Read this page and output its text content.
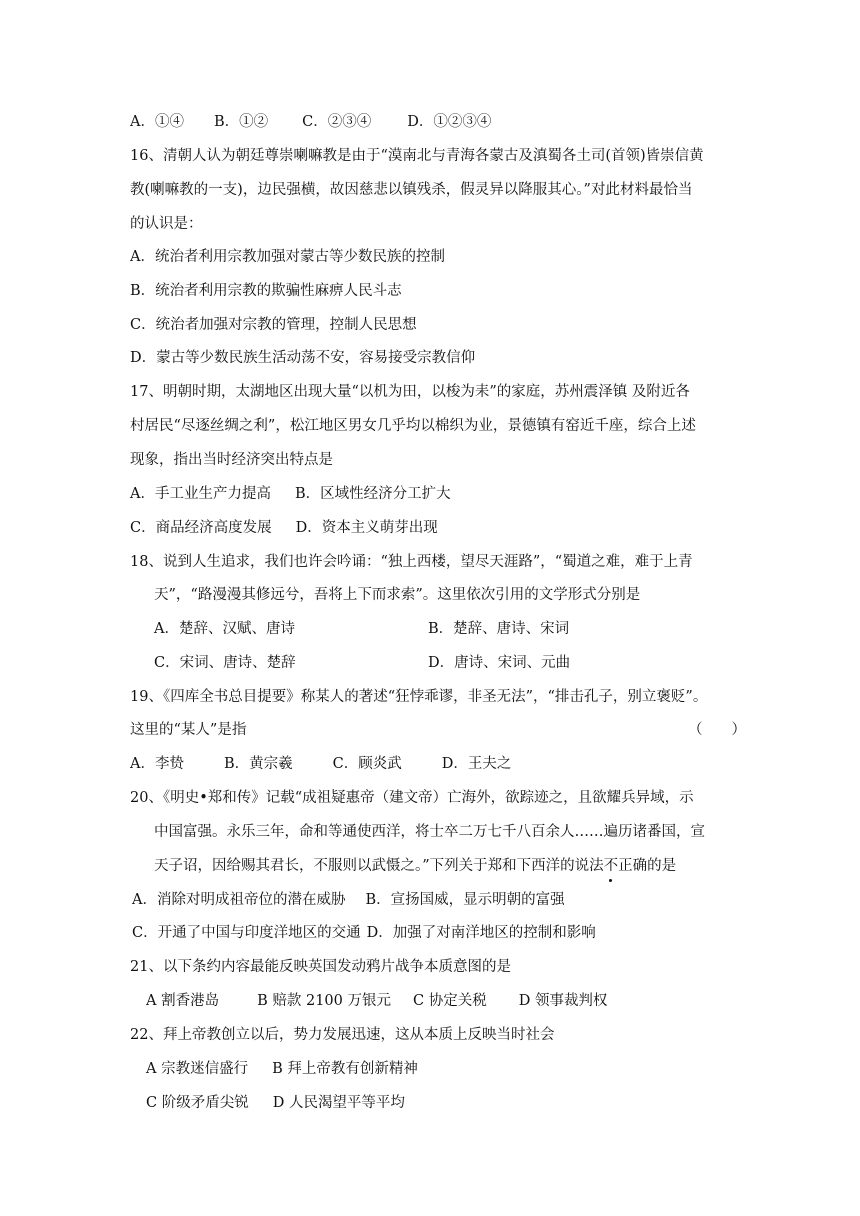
A．①④ B．①② C．②③④ D．①②③④
16、清朝人认为朝廷尊崇喇嘛教是由于“漠南北与青海各蒙古及滇蜀各土司(首领)皆崇信黄
教(喇嘛教的一支)，边民强横，故因慈悲以镇残杀，假灵异以降服其心。”对此材料最恰当
的认识是：
A．统治者利用宗教加强对蒙古等少数民族的控制
B．统治者利用宗教的欺骗性麻痹人民斗志
C．统治者加强对宗教的管理，控制人民思想
D．蒙古等少数民族生活动荡不安，容易接受宗教信仰
17、明朝时期，太湖地区出现大量“以机为田，以梭为耒”的家庭，苏州震泽镇 及附近各
村居民“尽逐丝绸之利”，松江地区男女几乎均以棉织为业，景德镇有窑近千座，综合上述
现象，指出当时经济突出特点是
A．手工业生产力提高 B．区域性经济分工扩大
C．商品经济高度发展 D．资本主义萌芽出现
18、说到人生追求，我们也许会吟诵：“独上西楼，望尽天涯路”，“蜀道之难，难于上青
天”，“路漫漫其修远兮，吾将上下而求索”。这里依次引用的文学形式分别是
A．楚辞、汉赋、唐诗	B．楚辞、唐诗、宋词
C．宋词、唐诗、楚辞	D．唐诗、宋词、元曲
19、《四库全书总目提要》称某人的著述“狂悖乖谬，非圣无法”，“排击孔子，别立褒贬”。
这里的“某人”是指	（　　）
A．李贽	B．黄宗羲	C．顾炎武	D．王夫之
20、《明史•郑和传》记载“成祖疑惠帝（建文帝）亡海外，欲踪迹之，且欲耀兵异域，示
中国富强。永乐三年，命和等通使西洋，将士卒二万七千八百余人……遍历诸番国，宣
天子诏，因给赐其君长，不服则以武慑之。”下列关于郑和下西洋的说法不正确的是
A．消除对明成祖帝位的潜在威胁 B．宣扬国威，显示明朝的富强
C．开通了中国与印度洋地区的交通 D．加强了对南洋地区的控制和影响
21、以下条约内容最能反映英国发动鸦片战争本质意图的是
A 割香港岛	B 赔款 2100 万银元 C 协定关税 D 领事裁判权
22、拜上帝教创立以后，势力发展迅速，这从本质上反映当时社会
A 宗教迷信盛行 B 拜上帝教有创新精神
C 阶级矛盾尖锐 D 人民渴望平等平均
